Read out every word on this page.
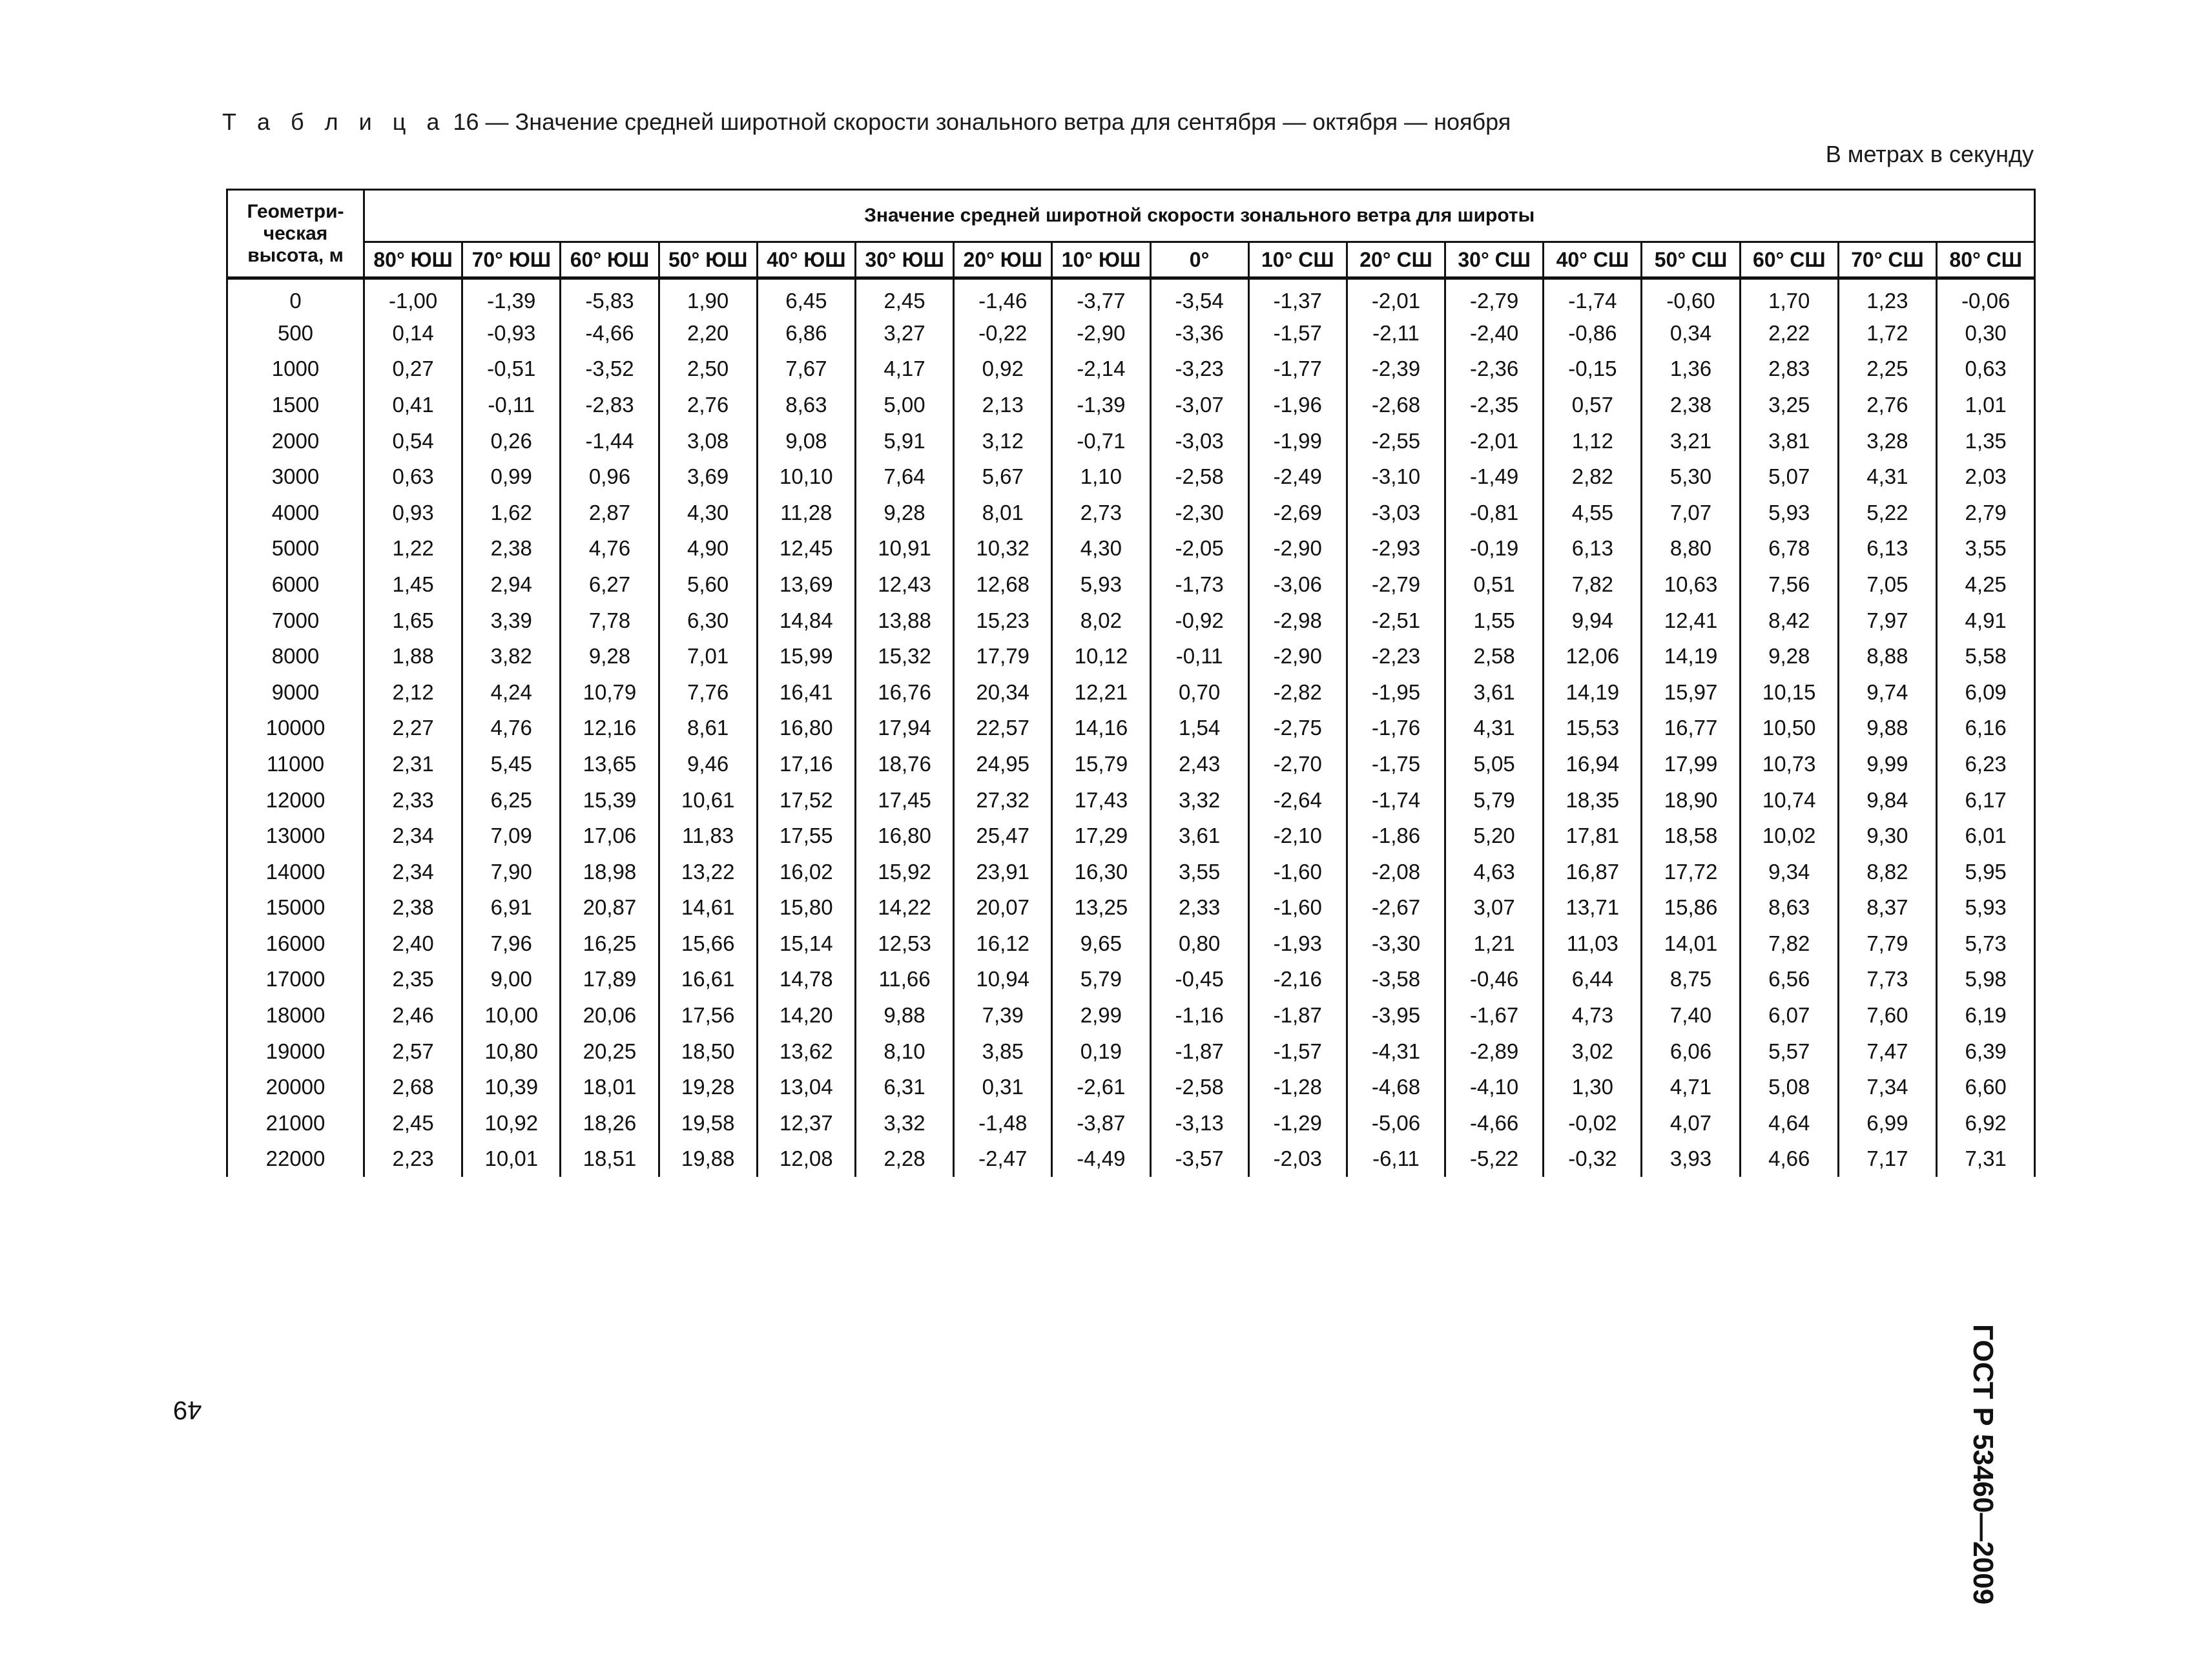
Т а б л и ц а 16 — Значение средней широтной скорости зонального ветра для сентября — октября — ноября
В метрах в секунду
Геометри-
ческая
высота, м	Значение средней широтной скорости зонального ветра для широты																
	80° ЮШ	70° ЮШ	60° ЮШ	50° ЮШ	40° ЮШ	30° ЮШ	20° ЮШ	10° ЮШ	0°	10° СШ	20° СШ	30° СШ	40° СШ	50° СШ	60° СШ	70° СШ	80° СШ
0	-1,00	-1,39	-5,83	1,90	6,45	2,45	-1,46	-3,77	-3,54	-1,37	-2,01	-2,79	-1,74	-0,60	1,70	1,23	-0,06
500	0,14	-0,93	-4,66	2,20	6,86	3,27	-0,22	-2,90	-3,36	-1,57	-2,11	-2,40	-0,86	0,34	2,22	1,72	0,30
1000	0,27	-0,51	-3,52	2,50	7,67	4,17	0,92	-2,14	-3,23	-1,77	-2,39	-2,36	-0,15	1,36	2,83	2,25	0,63
1500	0,41	-0,11	-2,83	2,76	8,63	5,00	2,13	-1,39	-3,07	-1,96	-2,68	-2,35	0,57	2,38	3,25	2,76	1,01
2000	0,54	0,26	-1,44	3,08	9,08	5,91	3,12	-0,71	-3,03	-1,99	-2,55	-2,01	1,12	3,21	3,81	3,28	1,35
3000	0,63	0,99	0,96	3,69	10,10	7,64	5,67	1,10	-2,58	-2,49	-3,10	-1,49	2,82	5,30	5,07	4,31	2,03
4000	0,93	1,62	2,87	4,30	11,28	9,28	8,01	2,73	-2,30	-2,69	-3,03	-0,81	4,55	7,07	5,93	5,22	2,79
5000	1,22	2,38	4,76	4,90	12,45	10,91	10,32	4,30	-2,05	-2,90	-2,93	-0,19	6,13	8,80	6,78	6,13	3,55
6000	1,45	2,94	6,27	5,60	13,69	12,43	12,68	5,93	-1,73	-3,06	-2,79	0,51	7,82	10,63	7,56	7,05	4,25
7000	1,65	3,39	7,78	6,30	14,84	13,88	15,23	8,02	-0,92	-2,98	-2,51	1,55	9,94	12,41	8,42	7,97	4,91
8000	1,88	3,82	9,28	7,01	15,99	15,32	17,79	10,12	-0,11	-2,90	-2,23	2,58	12,06	14,19	9,28	8,88	5,58
9000	2,12	4,24	10,79	7,76	16,41	16,76	20,34	12,21	0,70	-2,82	-1,95	3,61	14,19	15,97	10,15	9,74	6,09
10000	2,27	4,76	12,16	8,61	16,80	17,94	22,57	14,16	1,54	-2,75	-1,76	4,31	15,53	16,77	10,50	9,88	6,16
11000	2,31	5,45	13,65	9,46	17,16	18,76	24,95	15,79	2,43	-2,70	-1,75	5,05	16,94	17,99	10,73	9,99	6,23
12000	2,33	6,25	15,39	10,61	17,52	17,45	27,32	17,43	3,32	-2,64	-1,74	5,79	18,35	18,90	10,74	9,84	6,17
13000	2,34	7,09	17,06	11,83	17,55	16,80	25,47	17,29	3,61	-2,10	-1,86	5,20	17,81	18,58	10,02	9,30	6,01
14000	2,34	7,90	18,98	13,22	16,02	15,92	23,91	16,30	3,55	-1,60	-2,08	4,63	16,87	17,72	9,34	8,82	5,95
15000	2,38	6,91	20,87	14,61	15,80	14,22	20,07	13,25	2,33	-1,60	-2,67	3,07	13,71	15,86	8,63	8,37	5,93
16000	2,40	7,96	16,25	15,66	15,14	12,53	16,12	9,65	0,80	-1,93	-3,30	1,21	11,03	14,01	7,82	7,79	5,73
17000	2,35	9,00	17,89	16,61	14,78	11,66	10,94	5,79	-0,45	-2,16	-3,58	-0,46	6,44	8,75	6,56	7,73	5,98
18000	2,46	10,00	20,06	17,56	14,20	9,88	7,39	2,99	-1,16	-1,87	-3,95	-1,67	4,73	7,40	6,07	7,60	6,19
19000	2,57	10,80	20,25	18,50	13,62	8,10	3,85	0,19	-1,87	-1,57	-4,31	-2,89	3,02	6,06	5,57	7,47	6,39
20000	2,68	10,39	18,01	19,28	13,04	6,31	0,31	-2,61	-2,58	-1,28	-4,68	-4,10	1,30	4,71	5,08	7,34	6,60
21000	2,45	10,92	18,26	19,58	12,37	3,32	-1,48	-3,87	-3,13	-1,29	-5,06	-4,66	-0,02	4,07	4,64	6,99	6,92
22000	2,23	10,01	18,51	19,88	12,08	2,28	-2,47	-4,49	-3,57	-2,03	-6,11	-5,22	-0,32	3,93	4,66	7,17	7,31
49	ГОСТ Р 53460—2009
